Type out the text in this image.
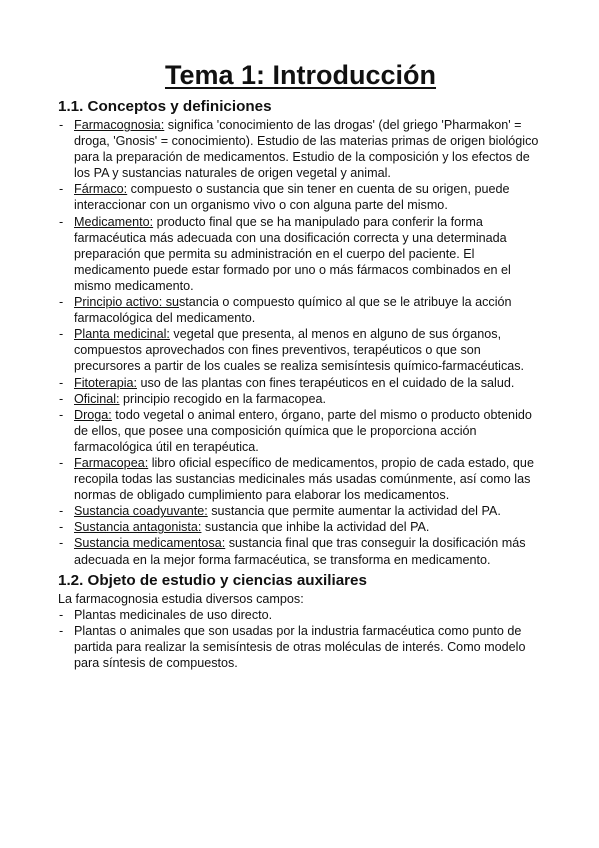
Tema 1: Introducción
1.1. Conceptos y definiciones
- Farmacognosia: significa 'conocimiento de las drogas' (del griego 'Pharmakon' = droga, 'Gnosis' = conocimiento). Estudio de las materias primas de origen biológico para la preparación de medicamentos. Estudio de la composición y los efectos de los PA y sustancias naturales de origen vegetal y animal.
- Fármaco: compuesto o sustancia que sin tener en cuenta de su origen, puede interaccionar con un organismo vivo o con alguna parte del mismo.
- Medicamento: producto final que se ha manipulado para conferir la forma farmacéutica más adecuada con una dosificación correcta y una determinada preparación que permita su administración en el cuerpo del paciente. El medicamento puede estar formado por uno o más fármacos combinados en el mismo medicamento.
- Principio activo: sustancia o compuesto químico al que se le atribuye la acción farmacológica del medicamento.
- Planta medicinal: vegetal que presenta, al menos en alguno de sus órganos, compuestos aprovechados con fines preventivos, terapéuticos o que son precursores a partir de los cuales se realiza semisíntesis químico-farmacéuticas.
- Fitoterapia: uso de las plantas con fines terapéuticos en el cuidado de la salud.
- Oficinal: principio recogido en la farmacopea.
- Droga: todo vegetal o animal entero, órgano, parte del mismo o producto obtenido de ellos, que posee una composición química que le proporciona acción farmacológica útil en terapéutica.
- Farmacopea: libro oficial específico de medicamentos, propio de cada estado, que recopila todas las sustancias medicinales más usadas comúnmente, así como las normas de obligado cumplimiento para elaborar los medicamentos.
- Sustancia coadyuvante: sustancia que permite aumentar la actividad del PA.
- Sustancia antagonista: sustancia que inhibe la actividad del PA.
- Sustancia medicamentosa: sustancia final que tras conseguir la dosificación más adecuada en la mejor forma farmacéutica, se transforma en medicamento.
1.2. Objeto de estudio y ciencias auxiliares

La farmacognosia estudia diversos campos:

- Plantas medicinales de uso directo.
- Plantas o animales que son usadas por la industria farmacéutica como punto de partida para realizar la semisíntesis de otras moléculas de interés. Como modelo para síntesis de compuestos.
